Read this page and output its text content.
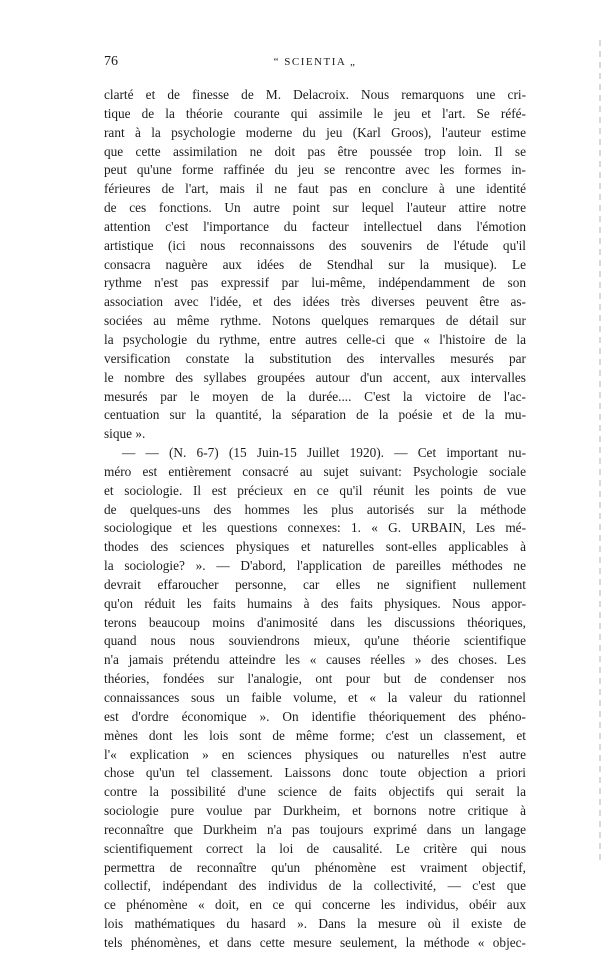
76	“ SCIENTIA „
clarté et de finesse de M. Delacroix. Nous remarquons une cri-
tique de la théorie courante qui assimile le jeu et l'art. Se réfé-
rant à la psychologie moderne du jeu (Karl Groos), l'auteur estime
que cette assimilation ne doit pas être poussée trop loin. Il se
peut qu'une forme raffinée du jeu se rencontre avec les formes in-
férieures de l'art, mais il ne faut pas en conclure à une identité
de ces fonctions. Un autre point sur lequel l'auteur attire notre
attention c'est l'importance du facteur intellectuel dans l'émotion
artistique (ici nous reconnaissons des souvenirs de l'étude qu'il
consacra naguère aux idées de Stendhal sur la musique). Le
rythme n'est pas expressif par lui-même, indépendamment de son
association avec l'idée, et des idées très diverses peuvent être as-
sociées au même rythme. Notons quelques remarques de détail sur
la psychologie du rythme, entre autres celle-ci que « l'histoire de la
versification constate la substitution des intervalles mesurés par
le nombre des syllabes groupées autour d'un accent, aux intervalles
mesurés par le moyen de la durée.... C'est la victoire de l'ac-
centuation sur la quantité, la séparation de la poésie et de la mu-
sique ».
— — (N. 6-7) (15 Juin-15 Juillet 1920). — Cet important nu-
méro est entièrement consacré au sujet suivant: Psychologie sociale
et sociologie. Il est précieux en ce qu'il réunit les points de vue
de quelques-uns des hommes les plus autorisés sur la méthode
sociologique et les questions connexes: 1. « G. URBAIN, Les mé-
thodes des sciences physiques et naturelles sont-elles applicables à
la sociologie? ». — D'abord, l'application de pareilles méthodes ne
devrait effaroucher personne, car elles ne signifient nullement
qu'on réduit les faits humains à des faits physiques. Nous appor-
terons beaucoup moins d'animosité dans les discussions théoriques,
quand nous nous souviendrons mieux, qu'une théorie scientifique
n'a jamais prétendu atteindre les « causes réelles » des choses. Les
théories, fondées sur l'analogie, ont pour but de condenser nos
connaissances sous un faible volume, et « la valeur du rationnel
est d'ordre économique ». On identifie théoriquement des phéno-
mènes dont les lois sont de même forme; c'est un classement, et
l'« explication » en sciences physiques ou naturelles n'est autre
chose qu'un tel classement. Laissons donc toute objection a priori
contre la possibilité d'une science de faits objectifs qui serait la
sociologie pure voulue par Durkheim, et bornons notre critique à
reconnaître que Durkheim n'a pas toujours exprimé dans un langage
scientifiquement correct la loi de causalité. Le critère qui nous
permettra de reconnaître qu'un phénomène est vraiment objectif,
collectif, indépendant des individus de la collectivité, — c'est que
ce phénomène « doit, en ce qui concerne les individus, obéir aux
lois mathématiques du hasard ». Dans la mesure où il existe de
tels phénomènes, et dans cette mesure seulement, la méthode « objec-
